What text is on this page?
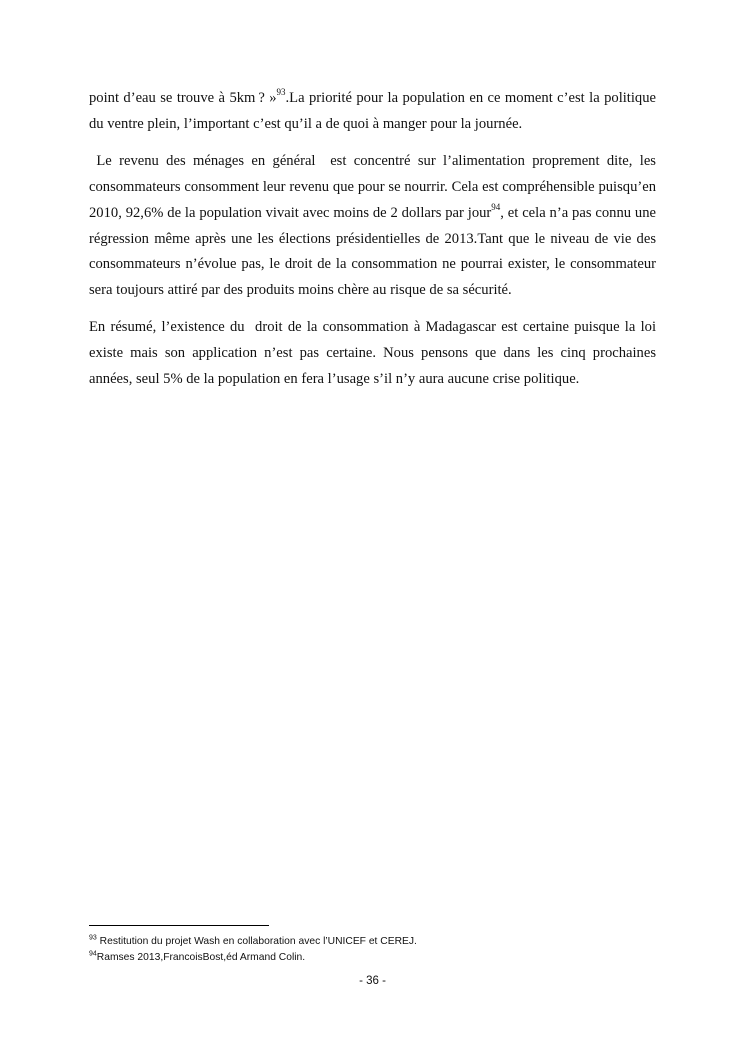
point d’eau se trouve à 5km ? »$^{93}$.La priorité pour la population en ce moment c’est la politique du ventre plein, l’important c’est qu’il a de quoi à manger pour la journée.

Le revenu des ménages en général  est concentré sur l’alimentation proprement dite, les consommateurs consomment leur revenu que pour se nourrir. Cela est compréhensible puisqu’en 2010, 92,6% de la population vivait avec moins de 2 dollars par jour$^{94}$, et cela n’a pas connu une régression même après une les élections présidentielles de 2013.Tant que le niveau de vie des consommateurs n’évolue pas, le droit de la consommation ne pourrai exister, le consommateur sera toujours attiré par des produits moins chère au risque de sa sécurité.

En résumé, l’existence du  droit de la consommation à Madagascar est certaine puisque la loi existe mais son application n’est pas certaine. Nous pensons que dans les cinq prochaines années, seul 5% de la population en fera l’usage s’il n’y aura aucune crise politique.

$^{93}$ Restitution du projet Wash en collaboration avec l’UNICEF et CEREJ.
$^{94}$Ramses 2013,FrancoisBost,éd Armand Colin.
- 36 -
